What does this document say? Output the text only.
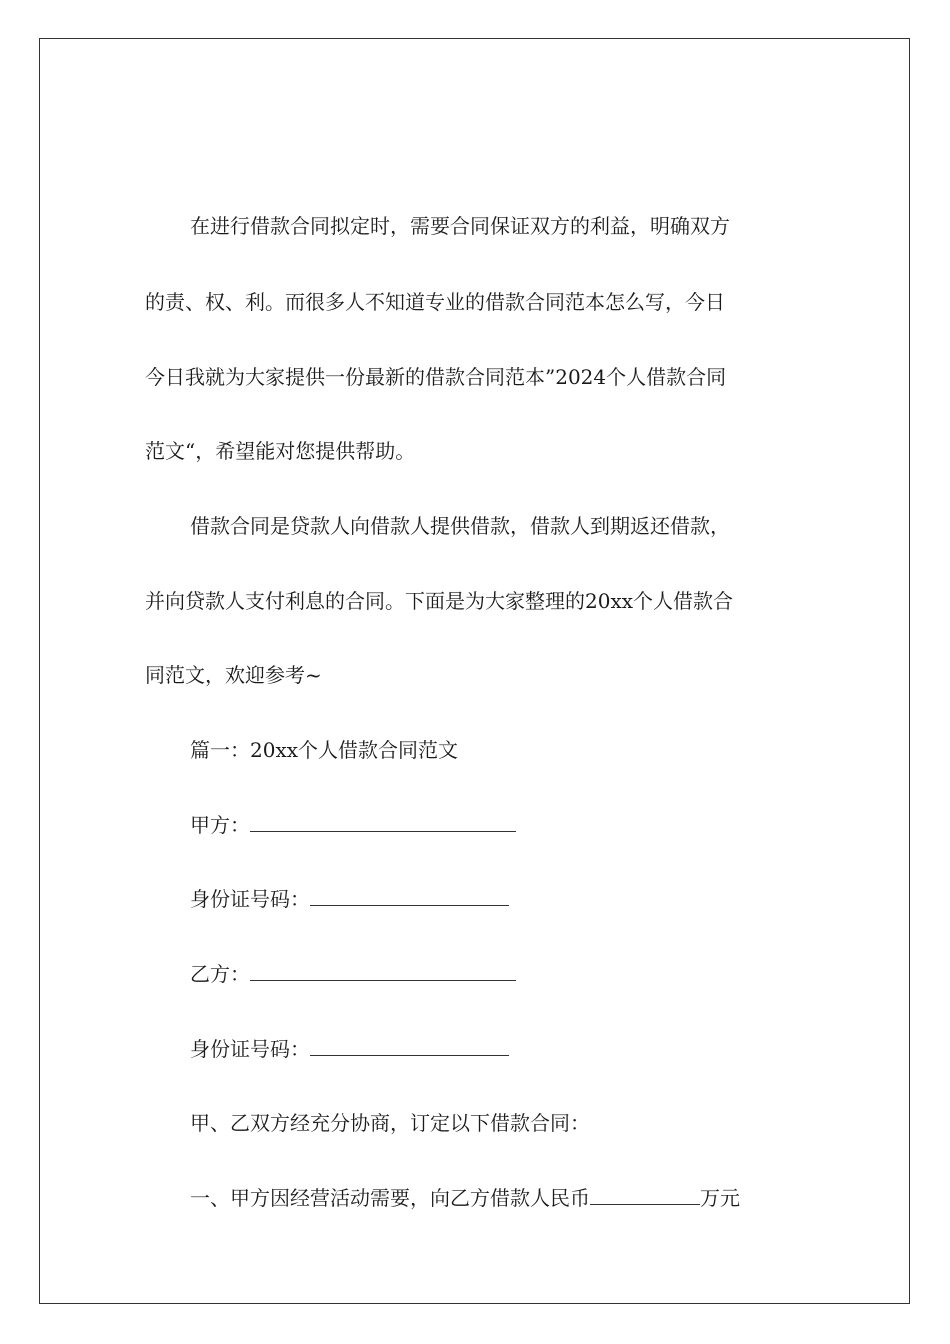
在进行借款合同拟定时，需要合同保证双方的利益，明确双方
的责、权、利。而很多人不知道专业的借款合同范本怎么写，今日
今日我就为大家提供一份最新的借款合同范本”2024个人借款合同
范文“，希望能对您提供帮助。
借款合同是贷款人向借款人提供借款，借款人到期返还借款，
并向贷款人支付利息的合同。下面是为大家整理的20xx个人借款合
同范文，欢迎参考~
篇一：20xx个人借款合同范文
甲方：
身份证号码：
乙方：
身份证号码：
甲、乙双方经充分协商，订定以下借款合同：
一、甲方因经营活动需要，向乙方借款人民币	万元
